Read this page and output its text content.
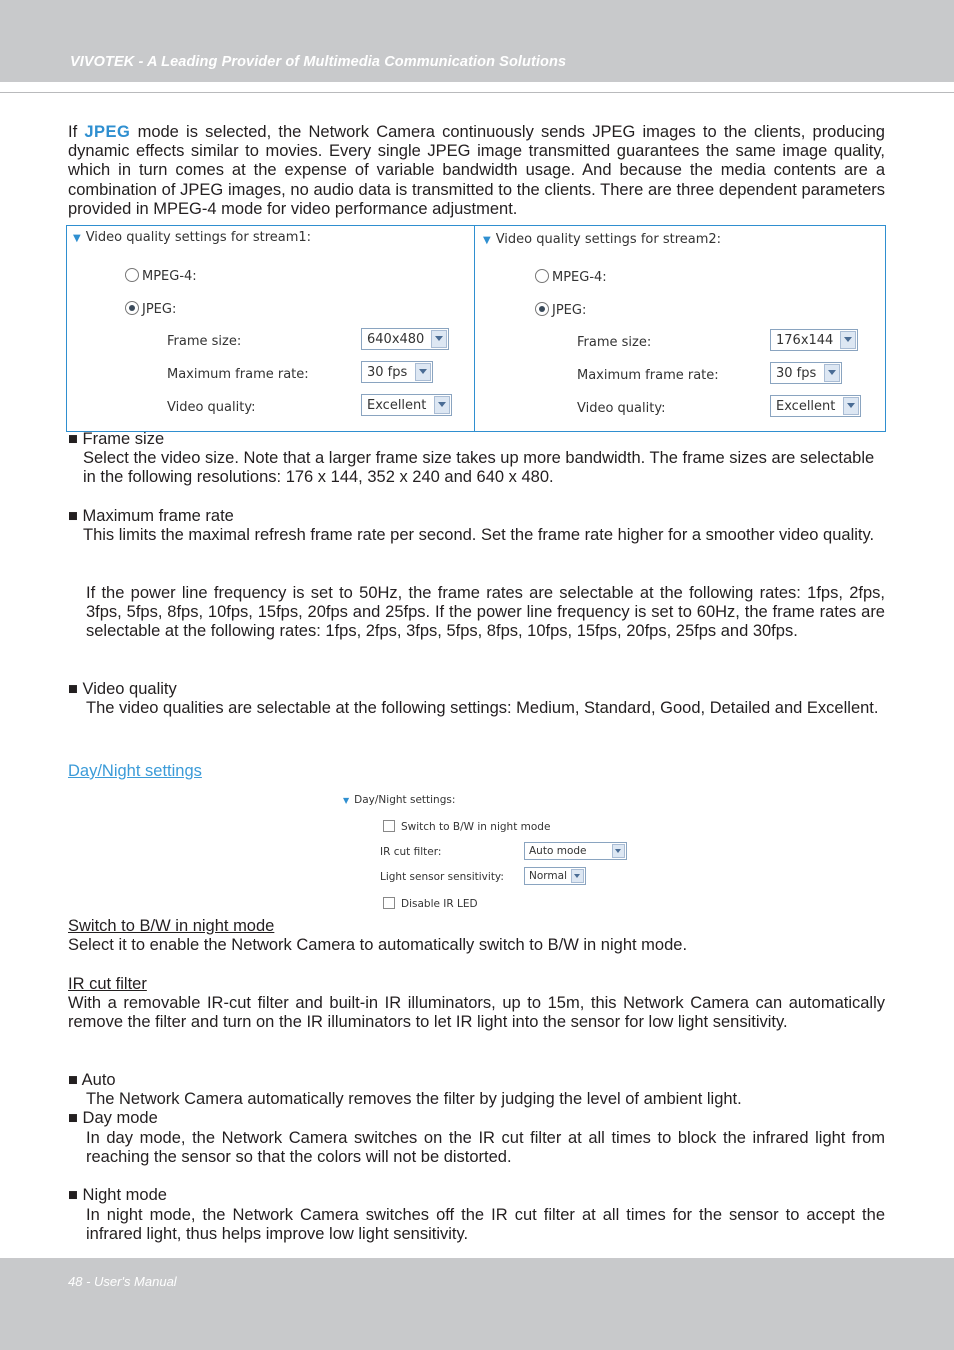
VIVOTEK - A Leading Provider of Multimedia Communication Solutions

If JPEG mode is selected, the Network Camera continuously sends JPEG images to the clients, producing dynamic effects similar to movies. Every single JPEG image transmitted guarantees the same image quality, which in turn comes at the expense of variable bandwidth usage. And because the media contents are a combination of JPEG images, no audio data is transmitted to the clients. There are three dependent parameters provided in MPEG-4 mode for video performance adjustment.

▼ Video quality settings for stream1:
MPEG-4:
JPEG:
Frame size:	640x480
Maximum frame rate:	30 fps
Video quality:	Excellent
▼ Video quality settings for stream2:
MPEG-4:
JPEG:
Frame size:	176x144
Maximum frame rate:	30 fps
Video quality:	Excellent
■ Frame size

Select the video size. Note that a larger frame size takes up more bandwidth. The frame sizes are selectable in the following resolutions: 176 x 144, 352 x 240 and 640 x 480.

■ Maximum frame rate

This limits the maximal refresh frame rate per second. Set the frame rate higher for a smoother video quality.

If the power line frequency is set to 50Hz, the frame rates are selectable at the following rates: 1fps, 2fps, 3fps, 5fps, 8fps, 10fps, 15fps, 20fps and 25fps. If the power line frequency is set to 60Hz, the frame rates are selectable at the following rates: 1fps, 2fps, 3fps, 5fps, 8fps, 10fps, 15fps, 20fps, 25fps and 30fps.

■ Video quality

The video qualities are selectable at the following settings: Medium, Standard, Good, Detailed and Excellent.

Day/Night settings
▼ Day/Night settings:
Switch to B/W in night mode
IR cut filter:	Auto mode
Light sensor sensitivity: Normal
Disable IR LED
Switch to B/W in night mode

Select it to enable the Network Camera to automatically switch to B/W in night mode.

IR cut filter

With a removable IR-cut filter and built-in IR illuminators, up to 15m, this Network Camera can automatically remove the filter and turn on the IR illuminators to let IR light into the sensor for low light sensitivity.

■ Auto

The Network Camera automatically removes the filter by judging the level of ambient light.

■ Day mode

In day mode, the Network Camera switches on the IR cut filter at all times to block the infrared light from reaching the sensor so that the colors will not be distorted.

■ Night mode

In night mode, the Network Camera switches off the IR cut filter at all times for the sensor to accept the infrared light, thus helps improve low light sensitivity.

48 - User's Manual
